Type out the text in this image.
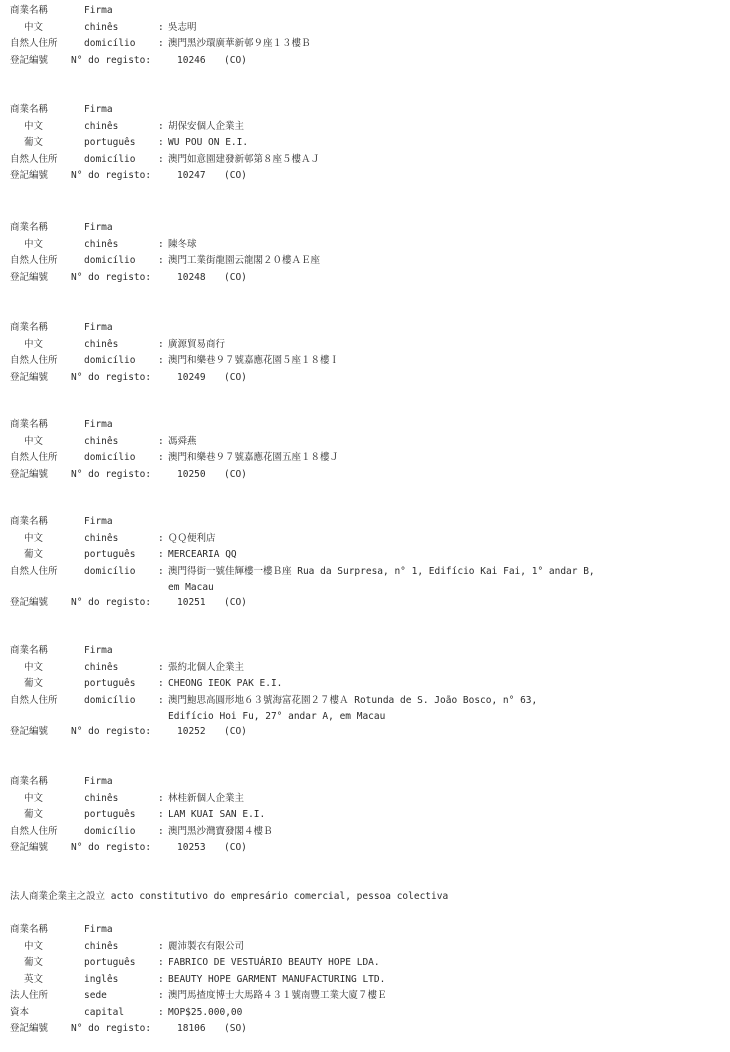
商業名稱	Firma
中文	chinês	: 吳志明
自然人住所	domicílio : 澳門黑沙環廣華新邨９座１３樓Ｂ
登記編號 N° do registo:	10246 (CO)
商業名稱	Firma
中文	chinês	: 胡保安個人企業主
葡文	português : WU POU ON E.I.
自然人住所	domicílio : 澳門如意園建發新邨第８座５樓ＡＪ
登記編號 N° do registo:	10247 (CO)
商業名稱	Firma
中文	chinês	: 陳冬球
自然人住所	domicílio : 澳門工業街龍園云龍閣２０樓ＡＥ座
登記編號 N° do registo:	10248 (CO)
商業名稱	Firma
中文	chinês	: 廣源貿易商行
自然人住所	domicílio : 澳門和樂巷９７號嘉應花園５座１８樓Ｉ
登記編號 N° do registo:	10249 (CO)
商業名稱	Firma
中文	chinês	: 馮舜燕
自然人住所	domicílio : 澳門和樂巷９７號嘉應花園五座１８樓Ｊ
登記編號 N° do registo:	10250 (CO)
商業名稱	Firma
中文	chinês	: ＱＱ便利店
葡文	português : MERCEARIA QQ
自然人住所	domicílio : 澳門得街一號佳輝樓一樓Ｂ座 Rua da Surpresa, n° 1, Edifício Kai Fai, 1° andar B,
em Macau
登記編號 N° do registo:	10251 (CO)
商業名稱	Firma
中文	chinês	: 張約北個人企業主
葡文	português : CHEONG IEOK PAK E.I.
自然人住所	domicílio : 澳門鮑思高圓形地６３號海富花園２７樓Ａ Rotunda de S. João Bosco, n° 63,
Edifício Hoi Fu, 27° andar A, em Macau
登記編號 N° do registo:	10252 (CO)
商業名稱	Firma
中文	chinês	: 林桂新個人企業主
葡文	português : LAM KUAI SAN E.I.
自然人住所	domicílio : 澳門黑沙灣寶發閣４樓Ｂ
登記編號 N° do registo:	10253 (CO)
法人商業企業主之設立 acto constitutivo do empresário comercial, pessoa colectiva
商業名稱	Firma
中文	chinês	: 麗沛製衣有限公司
葡文	português : FABRICO DE VESTUÁRIO BEAUTY HOPE LDA.
英文	inglês	: BEAUTY HOPE GARMENT MANUFACTURING LTD.
法人住所	sede	: 澳門馬揸度博士大馬路４３１號南豐工業大廈７樓Ｅ
資本	capital	: MOP$25.000,00
登記編號 N° do registo:	18106 (SO)
